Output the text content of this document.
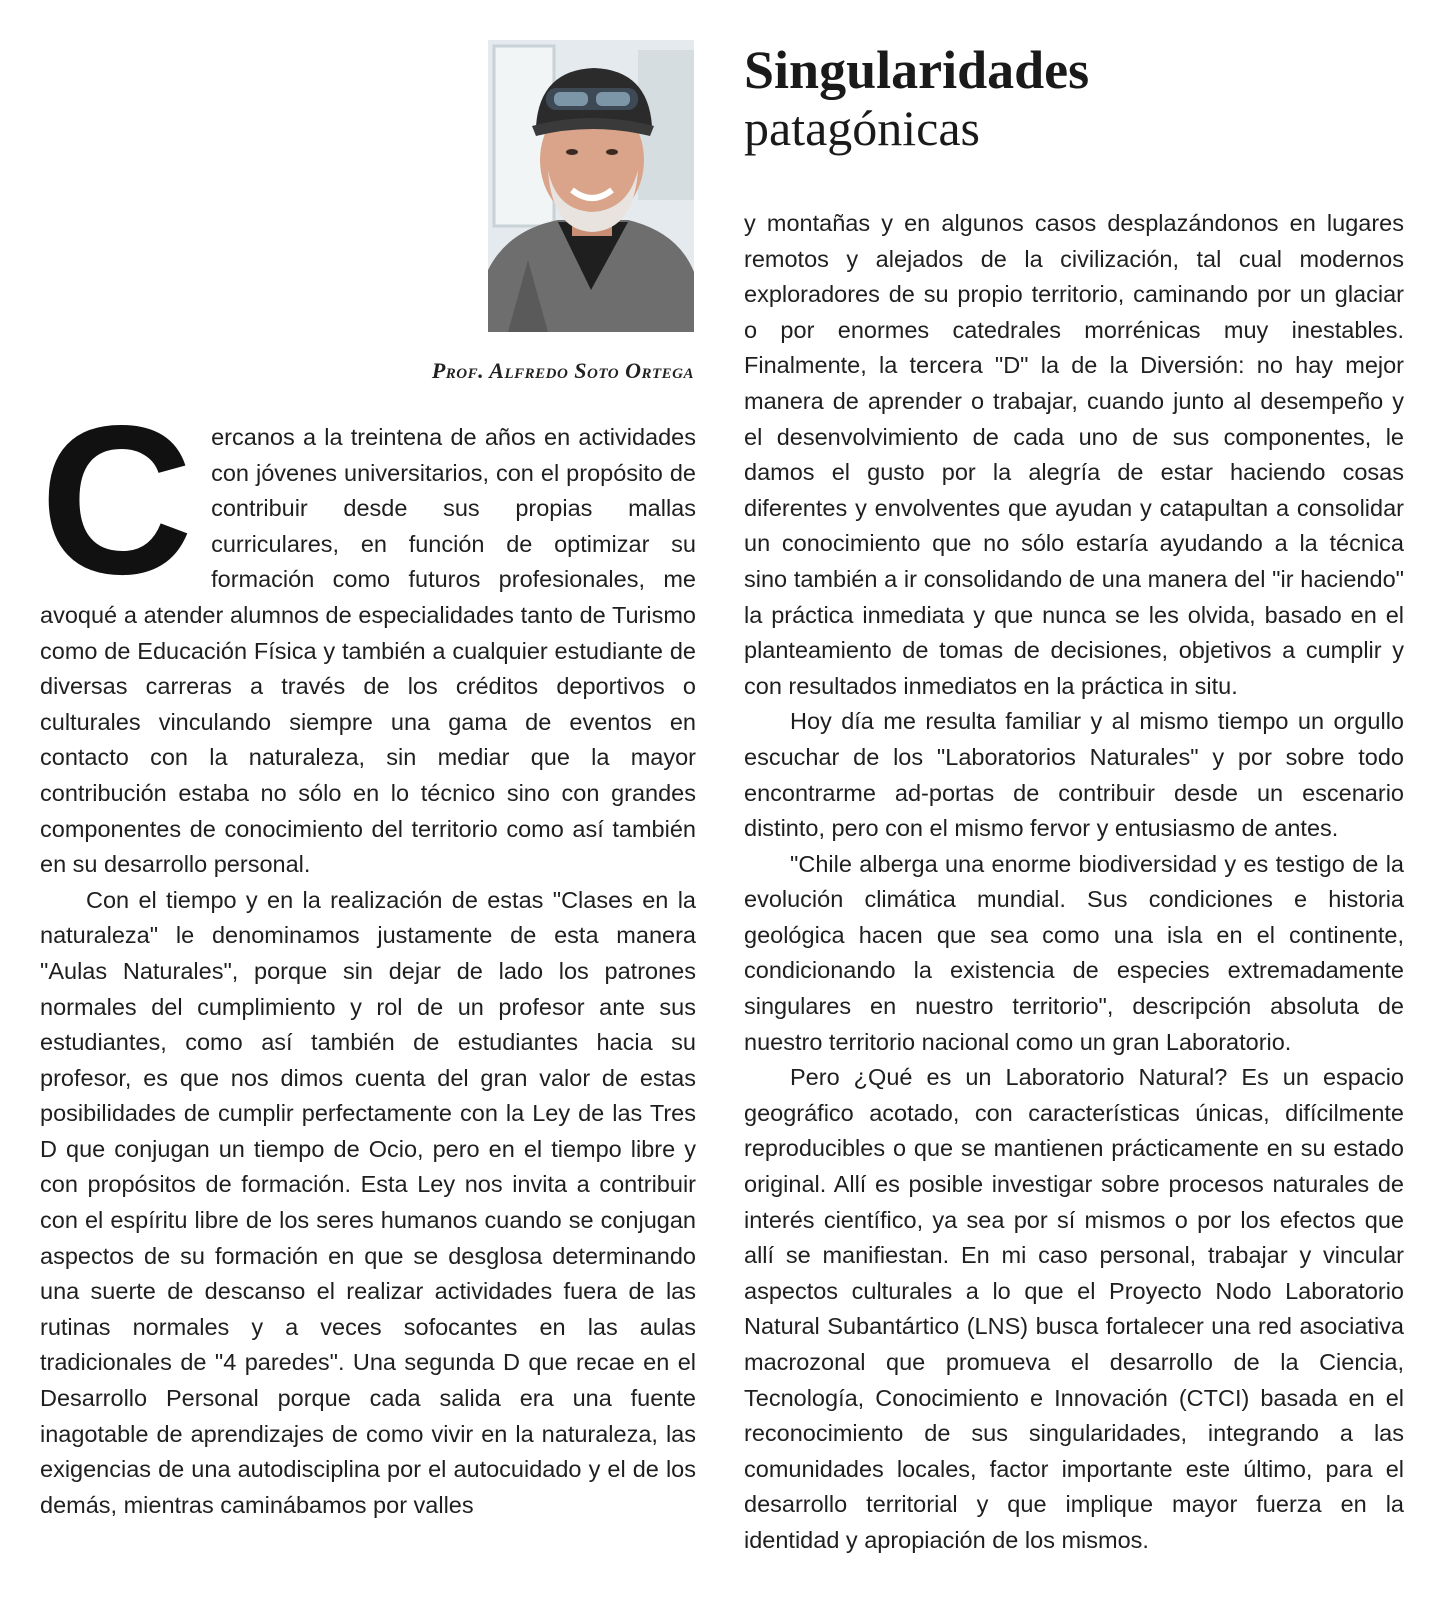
Prof. Alfredo Soto Ortega
Singularidades
patagónicas

Cercanos a la treintena de años en actividades con jóvenes universitarios, con el propósito de contribuir desde sus propias mallas curriculares, en función de optimizar su formación como futuros profesionales, me avoqué a atender alumnos de especialidades tanto de Turismo como de Educación Física y también a cualquier estudiante de diversas carreras a través de los créditos deportivos o culturales vinculando siempre una gama de eventos en contacto con la naturaleza, sin mediar que la mayor contribución estaba no sólo en lo técnico sino con grandes componentes de conocimiento del territorio como así también en su desarrollo personal.

Con el tiempo y en la realización de estas "Clases en la naturaleza" le denominamos justamente de esta manera "Aulas Naturales", porque sin dejar de lado los patrones normales del cumplimiento y rol de un profesor ante sus estudiantes, como así también de estudiantes hacia su profesor, es que nos dimos cuenta del gran valor de estas posibilidades de cumplir perfectamente con la Ley de las Tres D que conjugan un tiempo de Ocio, pero en el tiempo libre y con propósitos de formación. Esta Ley nos invita a contribuir con el espíritu libre de los seres humanos cuando se conjugan aspectos de su formación en que se desglosa determinando una suerte de descanso el realizar actividades fuera de las rutinas normales y a veces sofocantes en las aulas tradicionales de "4 paredes". Una segunda D que recae en el Desarrollo Personal porque cada salida era una fuente inagotable de aprendizajes de como vivir en la naturaleza, las exigencias de una autodisciplina por el autocuidado y el de los demás, mientras caminábamos por valles

y montañas y en algunos casos desplazándonos en lugares remotos y alejados de la civilización, tal cual modernos exploradores de su propio territorio, caminando por un glaciar o por enormes catedrales morrénicas muy inestables. Finalmente, la tercera "D" la de la Diversión: no hay mejor manera de aprender o trabajar, cuando junto al desempeño y el desenvolvimiento de cada uno de sus componentes, le damos el gusto por la alegría de estar haciendo cosas diferentes y envolventes que ayudan y catapultan a consolidar un conocimiento que no sólo estaría ayudando a la técnica sino también a ir consolidando de una manera del "ir haciendo" la práctica inmediata y que nunca se les olvida, basado en el planteamiento de tomas de decisiones, objetivos a cumplir y con resultados inmediatos en la práctica in situ.

Hoy día me resulta familiar y al mismo tiempo un orgullo escuchar de los "Laboratorios Naturales" y por sobre todo encontrarme ad-portas de contribuir desde un escenario distinto, pero con el mismo fervor y entusiasmo de antes.

"Chile alberga una enorme biodiversidad y es testigo de la evolución climática mundial. Sus condiciones e historia geológica hacen que sea como una isla en el continente, condicionando la existencia de especies extremadamente singulares en nuestro territorio", descripción absoluta de nuestro territorio nacional como un gran Laboratorio.

Pero ¿Qué es un Laboratorio Natural? Es un espacio geográfico acotado, con características únicas, difícilmente reproducibles o que se mantienen prácticamente en su estado original. Allí es posible investigar sobre procesos naturales de interés científico, ya sea por sí mismos o por los efectos que allí se manifiestan. En mi caso personal, trabajar y vincular aspectos culturales a lo que el Proyecto Nodo Laboratorio Natural Subantártico (LNS) busca fortalecer una red asociativa macrozonal que promueva el desarrollo de la Ciencia, Tecnología, Conocimiento e Innovación (CTCI) basada en el reconocimiento de sus singularidades, integrando a las comunidades locales, factor importante este último, para el desarrollo territorial y que implique mayor fuerza en la identidad y apropiación de los mismos.
